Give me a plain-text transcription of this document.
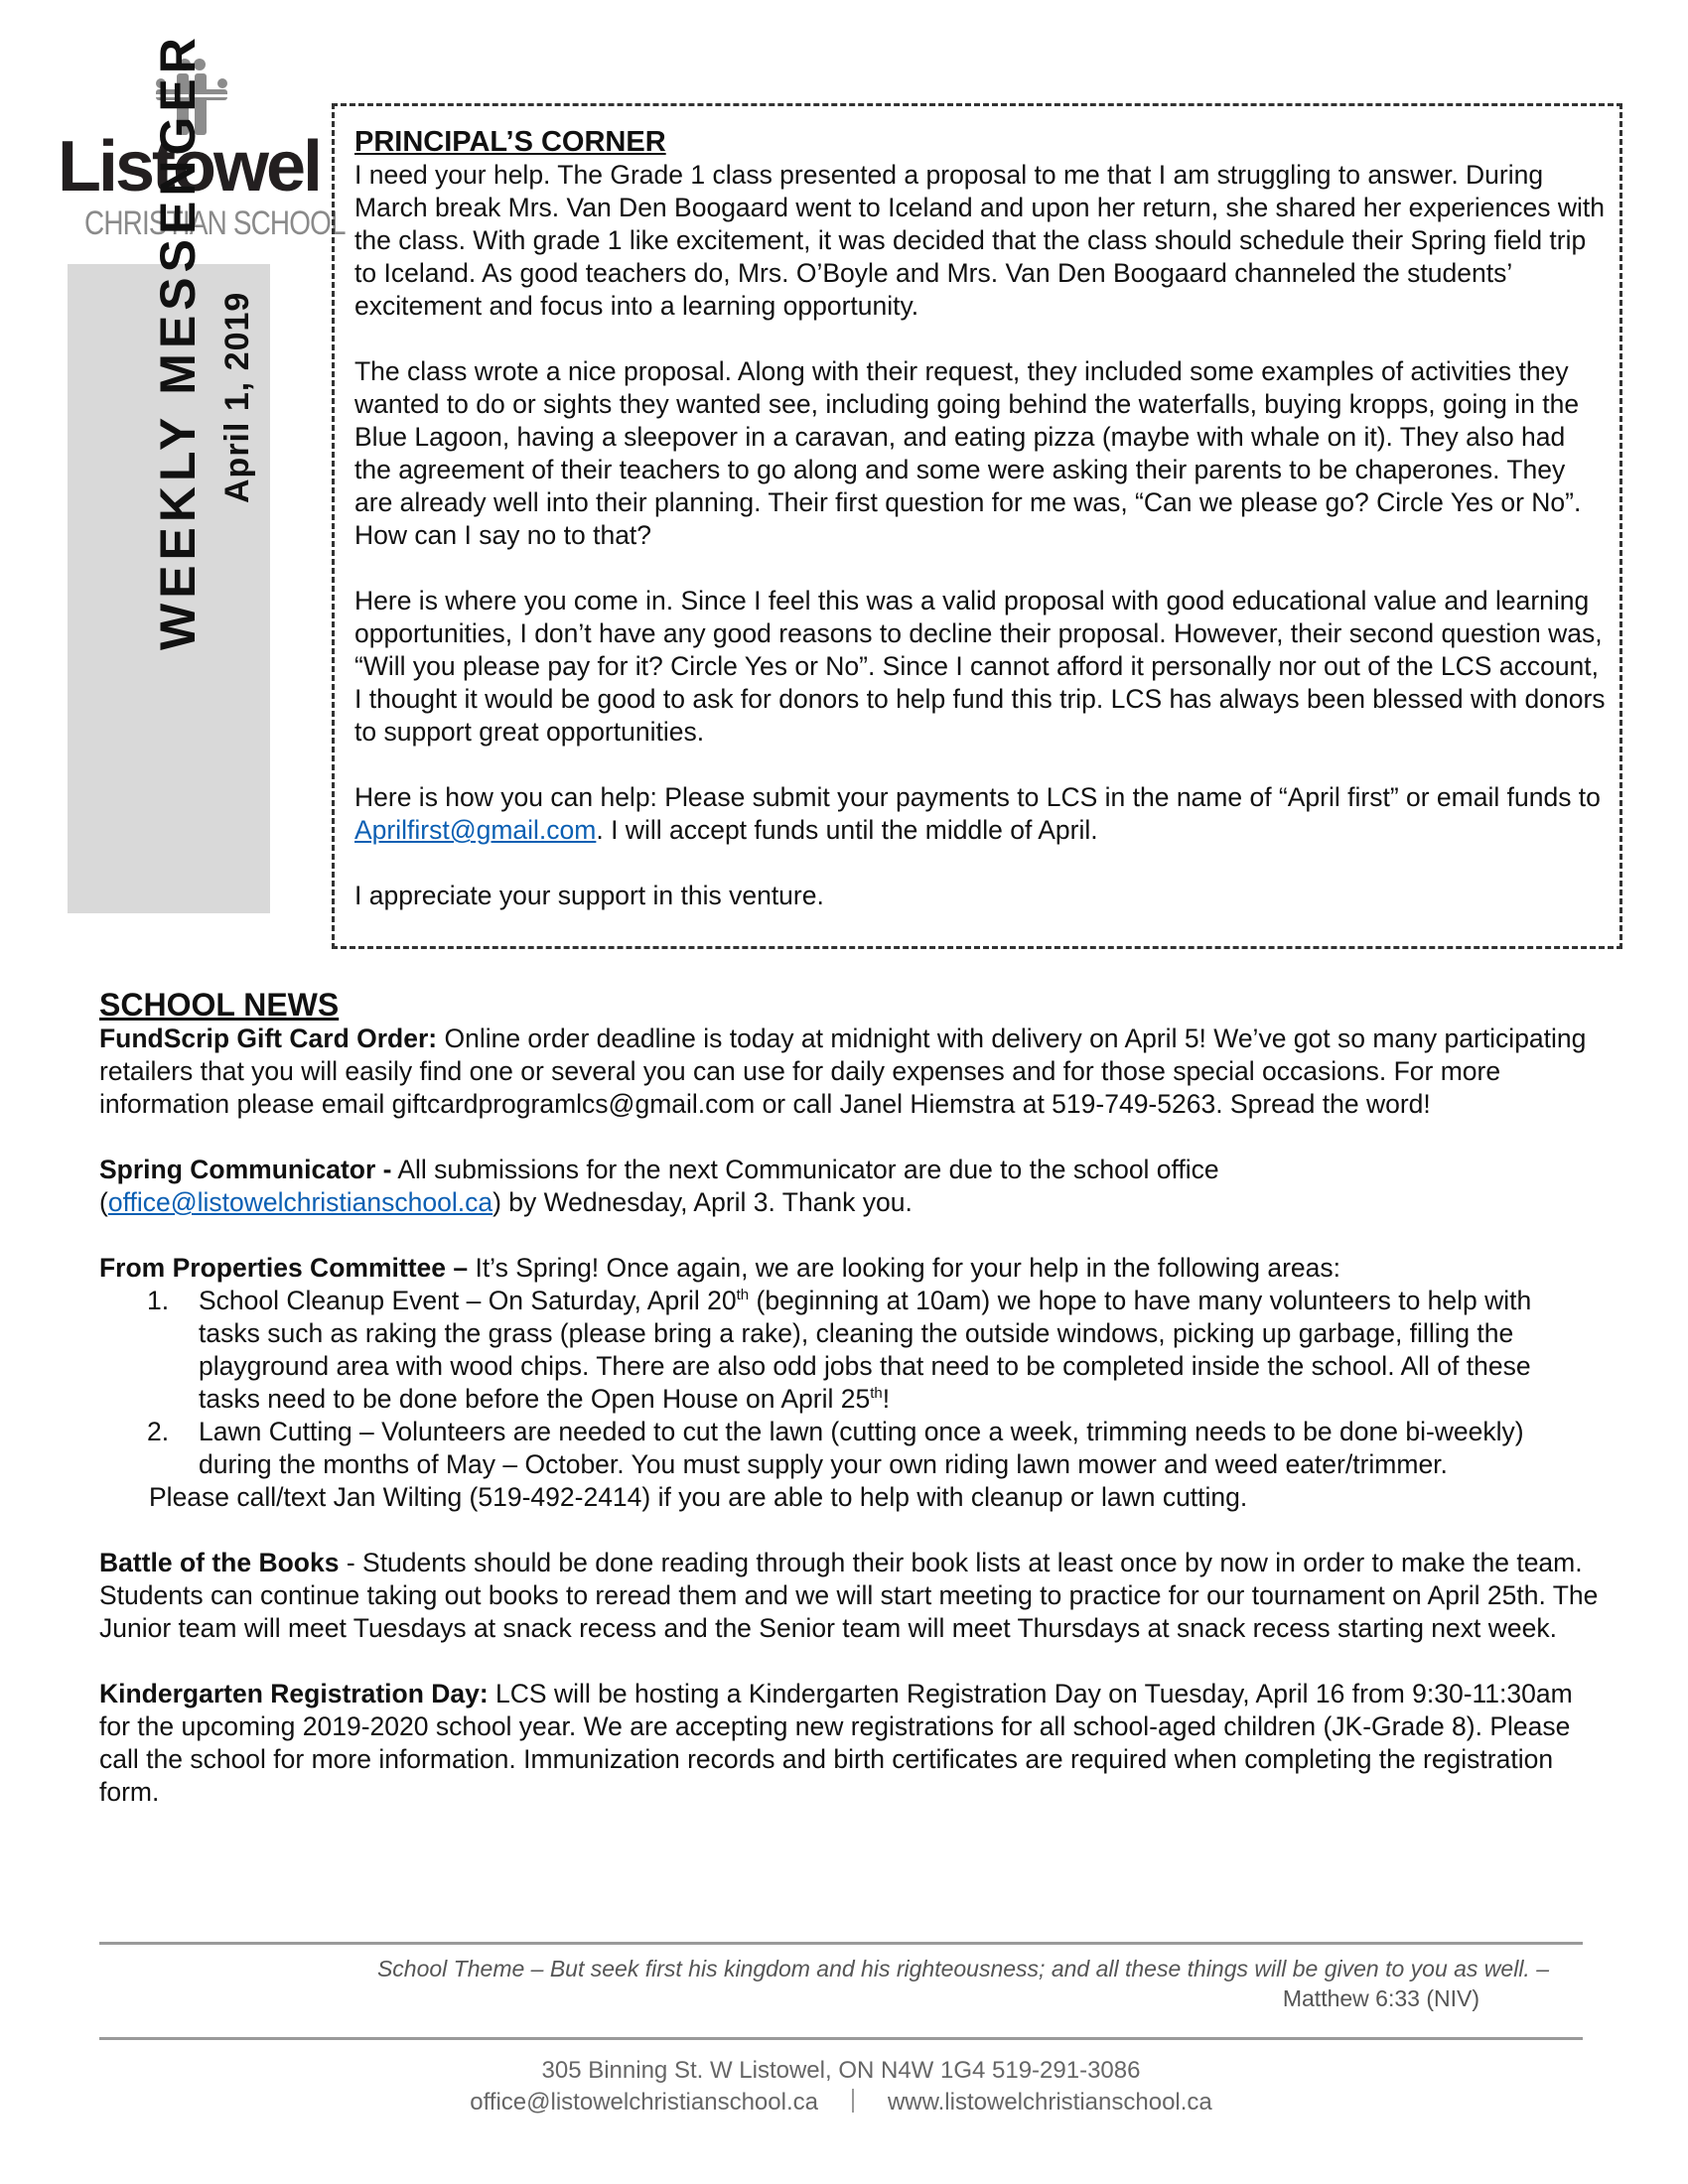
Listowel
CHRISTIAN SCHOOL
WEEKLY MESSENGER April 1, 2019

PRINCIPAL’S CORNER

I need your help. The Grade 1 class presented a proposal to me that I am struggling to answer. During March break Mrs. Van Den Boogaard went to Iceland and upon her return, she shared her experiences with the class. With grade 1 like excitement, it was decided that the class should schedule their Spring field trip to Iceland. As good teachers do, Mrs. O’Boyle and Mrs. Van Den Boogaard channeled the students’ excitement and focus into a learning opportunity.

The class wrote a nice proposal. Along with their request, they included some examples of activities they wanted to do or sights they wanted see, including going behind the waterfalls, buying kropps, going in the Blue Lagoon, having a sleepover in a caravan, and eating pizza (maybe with whale on it). They also had the agreement of their teachers to go along and some were asking their parents to be chaperones. They are already well into their planning. Their first question for me was, “Can we please go? Circle Yes or No”. How can I say no to that?

Here is where you come in. Since I feel this was a valid proposal with good educational value and learning opportunities, I don’t have any good reasons to decline their proposal. However, their second question was, “Will you please pay for it? Circle Yes or No”. Since I cannot afford it personally nor out of the LCS account, I thought it would be good to ask for donors to help fund this trip. LCS has always been blessed with donors to support great opportunities.

Here is how you can help: Please submit your payments to LCS in the name of “April first” or email funds to Aprilfirst@gmail.com. I will accept funds until the middle of April.

I appreciate your support in this venture.

SCHOOL NEWS

FundScrip Gift Card Order: Online order deadline is today at midnight with delivery on April 5! We’ve got so many participating retailers that you will easily find one or several you can use for daily expenses and for those special occasions. For more information please email giftcardprogramlcs@gmail.com or call Janel Hiemstra at 519-749-5263. Spread the word!

Spring Communicator - All submissions for the next Communicator are due to the school office (office@listowelchristianschool.ca) by Wednesday, April 3. Thank you.

From Properties Committee – It’s Spring! Once again, we are looking for your help in the following areas:

1. School Cleanup Event – On Saturday, April 20th (beginning at 10am) we hope to have many volunteers to help with tasks such as raking the grass (please bring a rake), cleaning the outside windows, picking up garbage, filling the playground area with wood chips. There are also odd jobs that need to be completed inside the school. All of these tasks need to be done before the Open House on April 25th!
2. Lawn Cutting – Volunteers are needed to cut the lawn (cutting once a week, trimming needs to be done bi-weekly) during the months of May – October. You must supply your own riding lawn mower and weed eater/trimmer.

Please call/text Jan Wilting (519-492-2414) if you are able to help with cleanup or lawn cutting.

Battle of the Books - Students should be done reading through their book lists at least once by now in order to make the team. Students can continue taking out books to reread them and we will start meeting to practice for our tournament on April 25th. The Junior team will meet Tuesdays at snack recess and the Senior team will meet Thursdays at snack recess starting next week.

Kindergarten Registration Day: LCS will be hosting a Kindergarten Registration Day on Tuesday, April 16 from 9:30-11:30am for the upcoming 2019-2020 school year. We are accepting new registrations for all school-aged children (JK-Grade 8). Please call the school for more information. Immunization records and birth certificates are required when completing the registration form.

School Theme – But seek first his kingdom and his righteousness; and all these things will be given to you as well. –
Matthew 6:33 (NIV)
305 Binning St. W Listowel, ON N4W 1G4 519-291-3086
office@listowelchristianschool.ca	www.listowelchristianschool.ca
